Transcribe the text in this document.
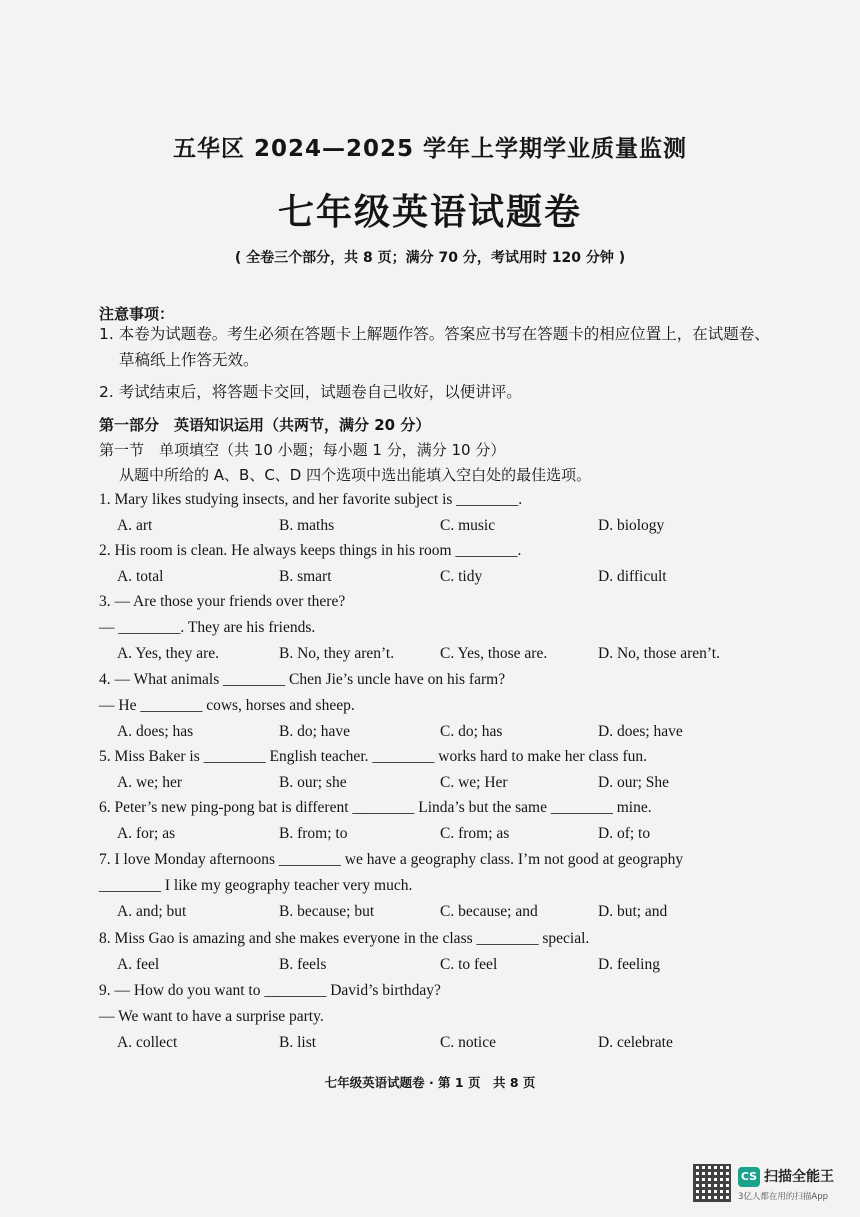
五华区 2024—2025 学年上学期学业质量监测
七年级英语试题卷
( 全卷三个部分，共 8 页；满分 70 分，考试用时 120 分钟 )
注意事项：
1. 本卷为试题卷。考生必须在答题卡上解题作答。答案应书写在答题卡的相应位置上，在试题卷、草稿纸上作答无效。
2. 考试结束后，将答题卡交回，试题卷自己收好，以便讲评。
第一部分　英语知识运用（共两节，满分 20 分）
第一节　单项填空（共 10 小题；每小题 1 分，满分 10 分）
从题中所给的 A、B、C、D 四个选项中选出能填入空白处的最佳选项。
1. Mary likes studying insects, and her favorite subject is ________.
A. art	B. maths	C. music	D. biology
2. His room is clean. He always keeps things in his room ________.
A. total	B. smart	C. tidy	D. difficult
3. — Are those your friends over there?
— ________. They are his friends.
A. Yes, they are.	B. No, they aren’t.	C. Yes, those are.	D. No, those aren’t.
4. — What animals ________ Chen Jie’s uncle have on his farm?
— He ________ cows, horses and sheep.
A. does; has	B. do; have	C. do; has	D. does; have
5. Miss Baker is ________ English teacher. ________ works hard to make her class fun.
A. we; her	B. our; she	C. we; Her	D. our; She
6. Peter’s new ping-pong bat is different ________ Linda’s but the same ________ mine.
A. for; as	B. from; to	C. from; as	D. of; to
7. I love Monday afternoons ________ we have a geography class. I’m not good at geography
________ I like my geography teacher very much.
A. and; but	B. because; but	C. because; and	D. but; and
8. Miss Gao is amazing and she makes everyone in the class ________ special.
A. feel	B. feels	C. to feel	D. feeling
9. — How do you want to ________ David’s birthday?
— We want to have a surprise party.
A. collect	B. list	C. notice	D. celebrate
七年级英语试题卷 · 第 1 页　共 8 页
CS 扫描全能王
3亿人都在用的扫描App
